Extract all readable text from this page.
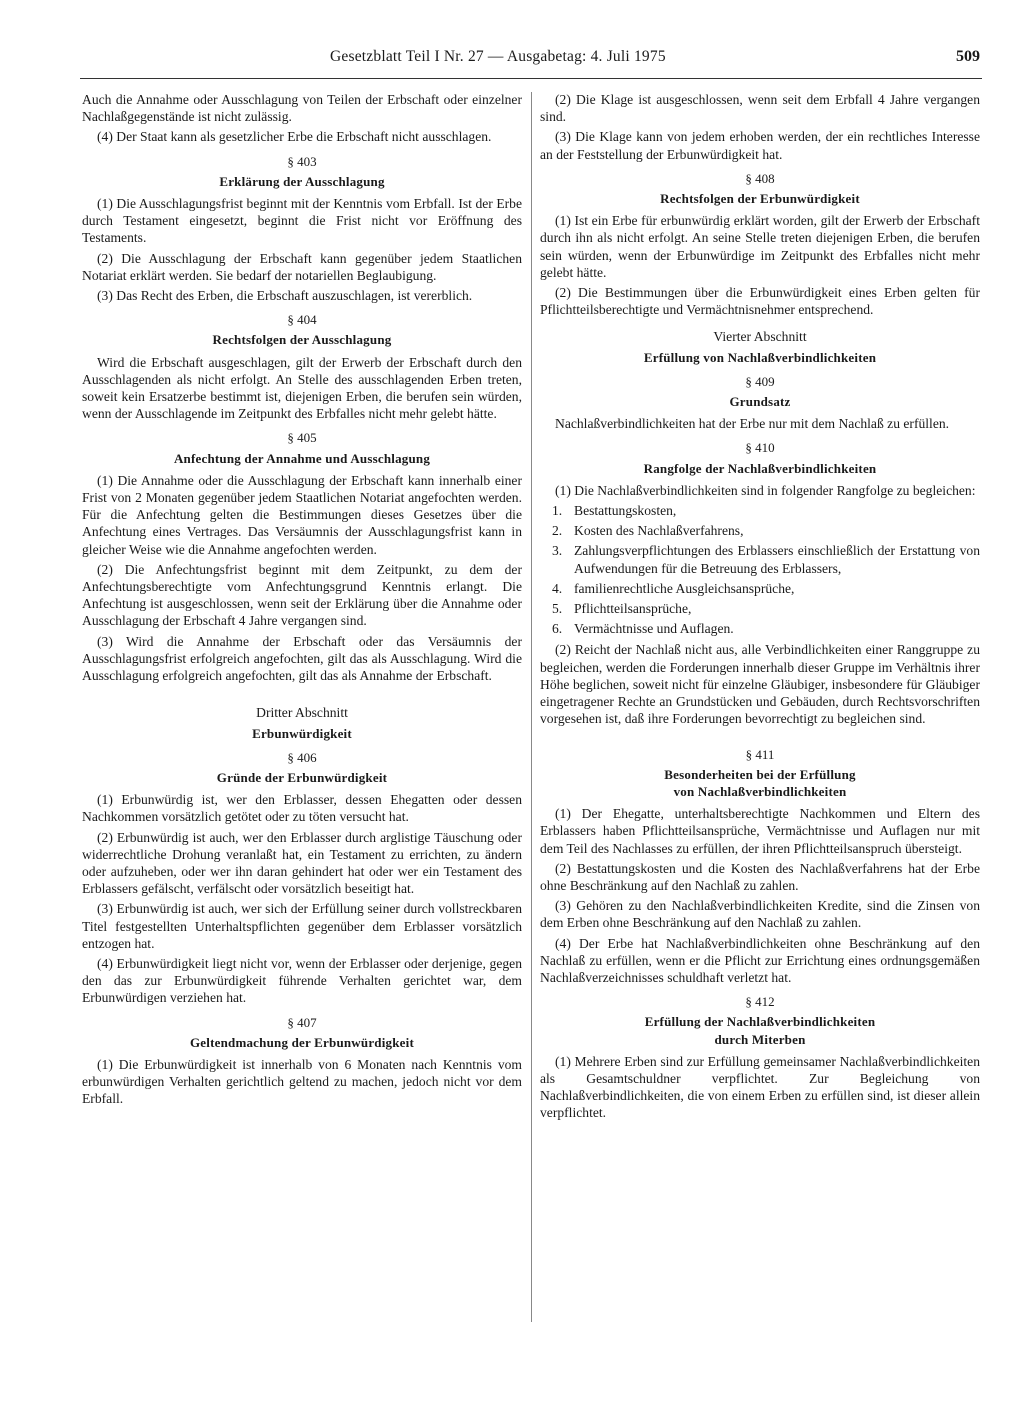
Gesetzblatt Teil I Nr. 27 — Ausgabetag: 4. Juli 1975	509

Auch die Annahme oder Ausschlagung von Teilen der Erbschaft oder einzelner Nachlaßgegenstände ist nicht zulässig.

(4) Der Staat kann als gesetzlicher Erbe die Erbschaft nicht ausschlagen.

§ 403
Erklärung der Ausschlagung

(1) Die Ausschlagungsfrist beginnt mit der Kenntnis vom Erbfall. Ist der Erbe durch Testament eingesetzt, beginnt die Frist nicht vor Eröffnung des Testaments.

(2) Die Ausschlagung der Erbschaft kann gegenüber jedem Staatlichen Notariat erklärt werden. Sie bedarf der notariellen Beglaubigung.

(3) Das Recht des Erben, die Erbschaft auszuschlagen, ist vererblich.

§ 404
Rechtsfolgen der Ausschlagung

Wird die Erbschaft ausgeschlagen, gilt der Erwerb der Erbschaft durch den Ausschlagenden als nicht erfolgt. An Stelle des ausschlagenden Erben treten, soweit kein Ersatzerbe bestimmt ist, diejenigen Erben, die berufen sein würden, wenn der Ausschlagende im Zeitpunkt des Erbfalles nicht mehr gelebt hätte.

§ 405
Anfechtung der Annahme und Ausschlagung

(1) Die Annahme oder die Ausschlagung der Erbschaft kann innerhalb einer Frist von 2 Monaten gegenüber jedem Staatlichen Notariat angefochten werden. Für die Anfechtung gelten die Bestimmungen dieses Gesetzes über die Anfechtung eines Vertrages. Das Versäumnis der Ausschlagungsfrist kann in gleicher Weise wie die Annahme angefochten werden.

(2) Die Anfechtungsfrist beginnt mit dem Zeitpunkt, zu dem der Anfechtungsberechtigte vom Anfechtungsgrund Kenntnis erlangt. Die Anfechtung ist ausgeschlossen, wenn seit der Erklärung über die Annahme oder Ausschlagung der Erbschaft 4 Jahre vergangen sind.

(3) Wird die Annahme der Erbschaft oder das Versäumnis der Ausschlagungsfrist erfolgreich angefochten, gilt das als Ausschlagung. Wird die Ausschlagung erfolgreich angefochten, gilt das als Annahme der Erbschaft.

Dritter Abschnitt
Erbunwürdigkeit
§ 406
Gründe der Erbunwürdigkeit

(1) Erbunwürdig ist, wer den Erblasser, dessen Ehegatten oder dessen Nachkommen vorsätzlich getötet oder zu töten versucht hat.

(2) Erbunwürdig ist auch, wer den Erblasser durch arglistige Täuschung oder widerrechtliche Drohung veranlaßt hat, ein Testament zu errichten, zu ändern oder aufzuheben, oder wer ihn daran gehindert hat oder wer ein Testament des Erblassers gefälscht, verfälscht oder vorsätzlich beseitigt hat.

(3) Erbunwürdig ist auch, wer sich der Erfüllung seiner durch vollstreckbaren Titel festgestellten Unterhaltspflichten gegenüber dem Erblasser vorsätzlich entzogen hat.

(4) Erbunwürdigkeit liegt nicht vor, wenn der Erblasser oder derjenige, gegen den das zur Erbunwürdigkeit führende Verhalten gerichtet war, dem Erbunwürdigen verziehen hat.

§ 407
Geltendmachung der Erbunwürdigkeit

(1) Die Erbunwürdigkeit ist innerhalb von 6 Monaten nach Kenntnis vom erbunwürdigen Verhalten gerichtlich geltend zu machen, jedoch nicht vor dem Erbfall.

(2) Die Klage ist ausgeschlossen, wenn seit dem Erbfall 4 Jahre vergangen sind.

(3) Die Klage kann von jedem erhoben werden, der ein rechtliches Interesse an der Feststellung der Erbunwürdigkeit hat.

§ 408
Rechtsfolgen der Erbunwürdigkeit

(1) Ist ein Erbe für erbunwürdig erklärt worden, gilt der Erwerb der Erbschaft durch ihn als nicht erfolgt. An seine Stelle treten diejenigen Erben, die berufen sein würden, wenn der Erbunwürdige im Zeitpunkt des Erbfalles nicht mehr gelebt hätte.

(2) Die Bestimmungen über die Erbunwürdigkeit eines Erben gelten für Pflichtteilsberechtigte und Vermächtnisnehmer entsprechend.

Vierter Abschnitt
Erfüllung von Nachlaßverbindlichkeiten
§ 409
Grundsatz

Nachlaßverbindlichkeiten hat der Erbe nur mit dem Nachlaß zu erfüllen.

§ 410
Rangfolge der Nachlaßverbindlichkeiten

(1) Die Nachlaßverbindlichkeiten sind in folgender Rangfolge zu begleichen:

1. Bestattungskosten,
2. Kosten des Nachlaßverfahrens,
3. Zahlungsverpflichtungen des Erblassers einschließlich der Erstattung von Aufwendungen für die Betreuung des Erblassers,
4. familienrechtliche Ausgleichsansprüche,
5. Pflichtteilsansprüche,
6. Vermächtnisse und Auflagen.

(2) Reicht der Nachlaß nicht aus, alle Verbindlichkeiten einer Ranggruppe zu begleichen, werden die Forderungen innerhalb dieser Gruppe im Verhältnis ihrer Höhe beglichen, soweit nicht für einzelne Gläubiger, insbesondere für Gläubiger eingetragener Rechte an Grundstücken und Gebäuden, durch Rechtsvorschriften vorgesehen ist, daß ihre Forderungen bevorrechtigt zu begleichen sind.

§ 411
Besonderheiten bei der Erfüllung
von Nachlaßverbindlichkeiten

(1) Der Ehegatte, unterhaltsberechtigte Nachkommen und Eltern des Erblassers haben Pflichtteilsansprüche, Vermächtnisse und Auflagen nur mit dem Teil des Nachlasses zu erfüllen, der ihren Pflichtteilsanspruch übersteigt.

(2) Bestattungskosten und die Kosten des Nachlaßverfahrens hat der Erbe ohne Beschränkung auf den Nachlaß zu zahlen.

(3) Gehören zu den Nachlaßverbindlichkeiten Kredite, sind die Zinsen von dem Erben ohne Beschränkung auf den Nachlaß zu zahlen.

(4) Der Erbe hat Nachlaßverbindlichkeiten ohne Beschränkung auf den Nachlaß zu erfüllen, wenn er die Pflicht zur Errichtung eines ordnungsgemäßen Nachlaßverzeichnisses schuldhaft verletzt hat.

§ 412
Erfüllung der Nachlaßverbindlichkeiten
durch Miterben

(1) Mehrere Erben sind zur Erfüllung gemeinsamer Nachlaßverbindlichkeiten als Gesamtschuldner verpflichtet. Zur Begleichung von Nachlaßverbindlichkeiten, die von einem Erben zu erfüllen sind, ist dieser allein verpflichtet.
